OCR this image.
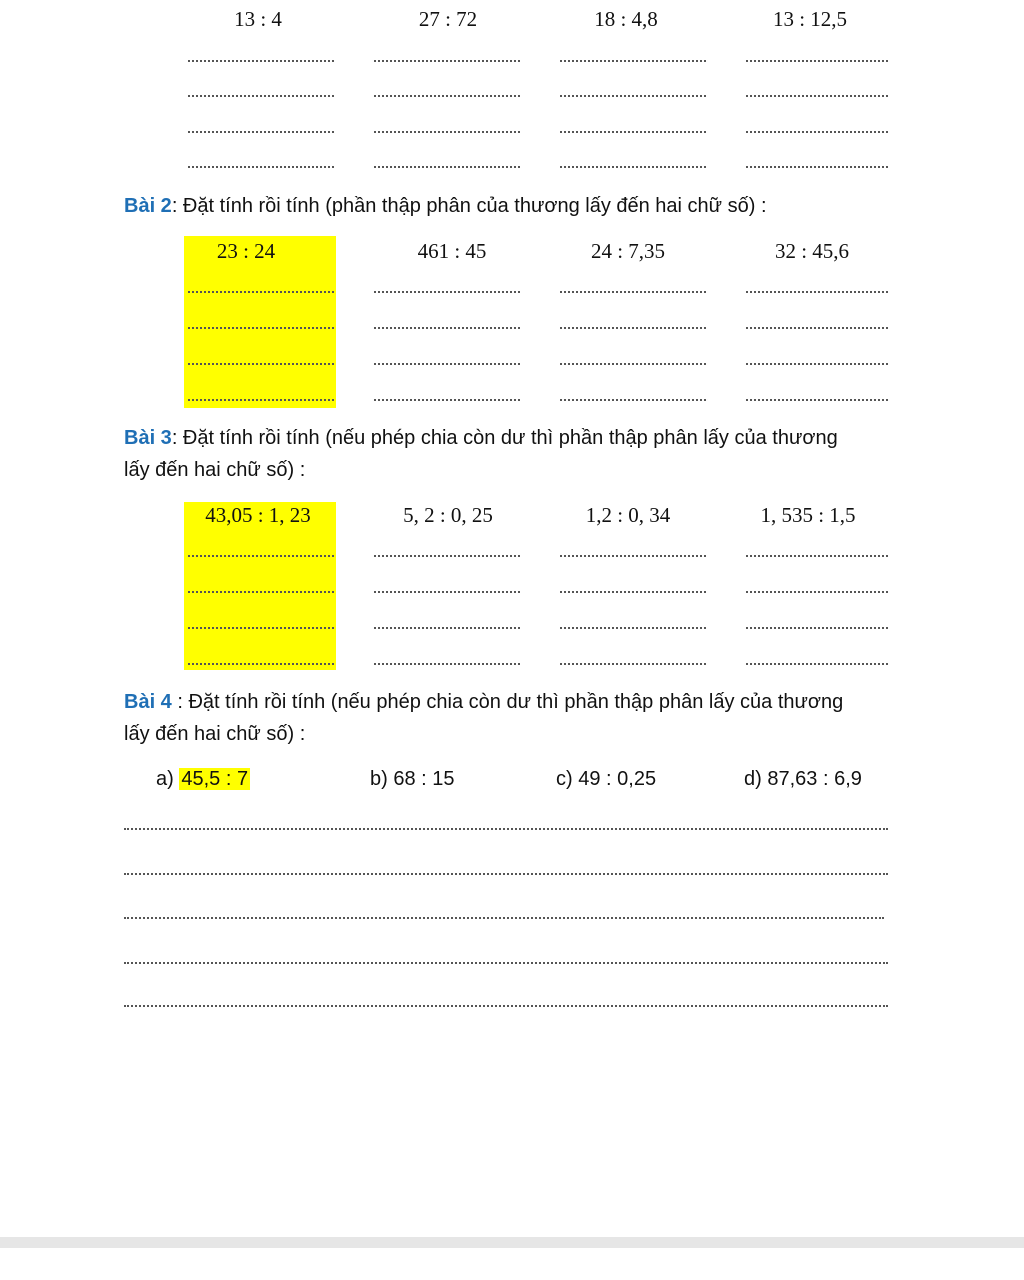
13 : 4	27 : 72	18 : 4,8	13 : 12,5
Bài 2: Đặt tính rồi tính (phần thập phân của thương lấy đến hai chữ số) :
23 : 24	461 : 45	24 : 7,35	32 : 45,6
Bài 3: Đặt tính rồi tính (nếu phép chia còn dư thì phần thập phân lấy của thương lấy đến hai chữ số) :
43,05 : 1, 23	5, 2 : 0, 25	1,2 : 0, 34	1, 535 : 1,5
Bài 4 : Đặt tính rồi tính (nếu phép chia còn dư thì phần thập phân lấy của thương lấy đến hai chữ số) :
a) 45,5 : 7	b) 68 : 15	c) 49 : 0,25	d) 87,63 : 6,9
